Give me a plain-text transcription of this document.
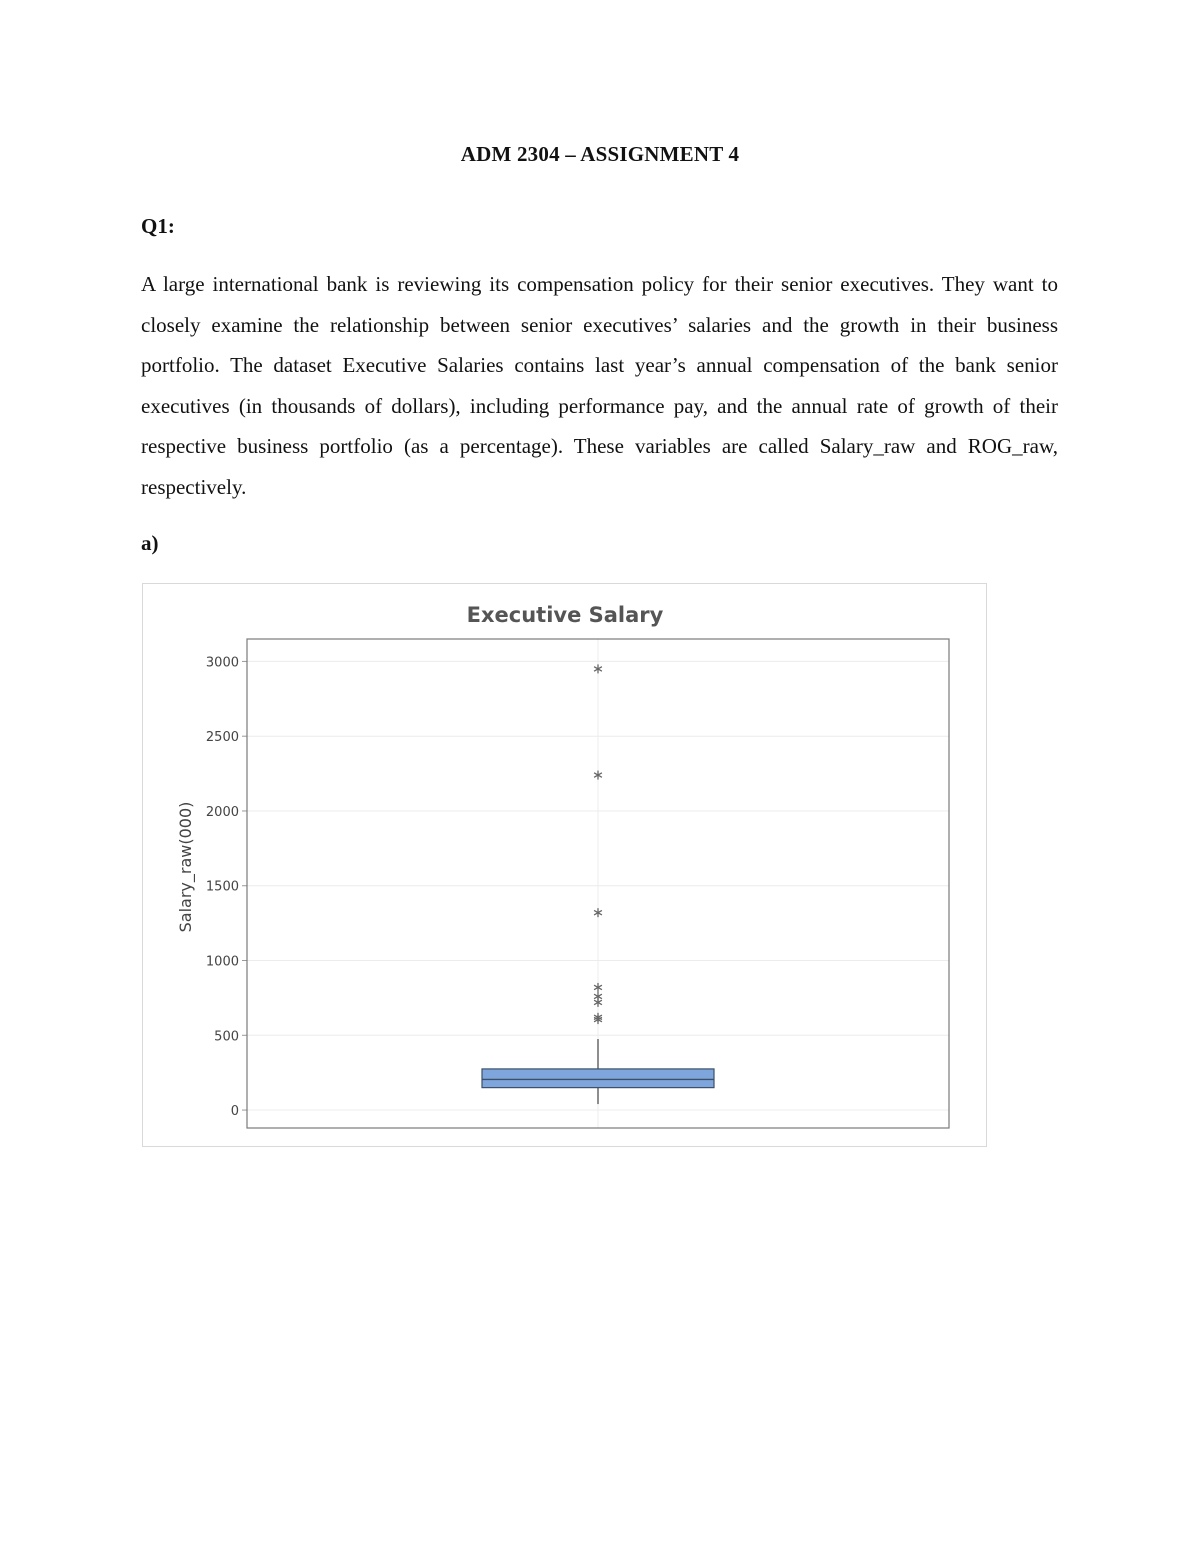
ADM 2304 – ASSIGNMENT 4
Q1:
A large international bank is reviewing its compensation policy for their senior executives. They want to closely examine the relationship between senior executives’ salaries and the growth in their business portfolio. The dataset Executive Salaries contains last year’s annual compensation of the bank senior executives (in thousands of dollars), including performance pay, and the annual rate of growth of their respective business portfolio (as a percentage). These variables are called Salary_raw and ROG_raw, respectively.
a)
Executive Salary
Salary_raw(000)
0
500
1000
1500
2000
2500
3000
